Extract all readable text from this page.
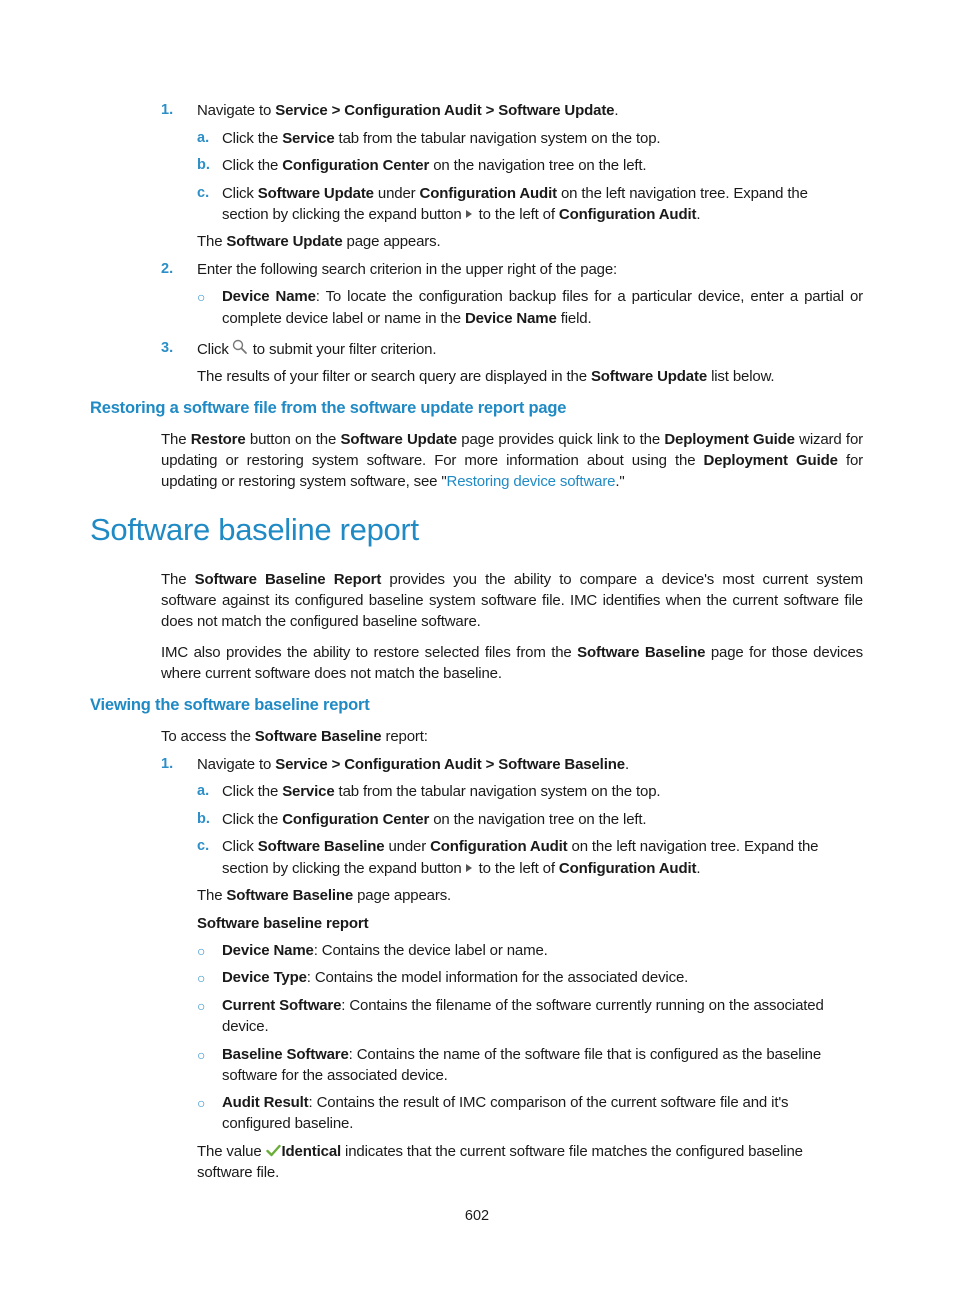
1. Navigate to Service > Configuration Audit > Software Update.
a. Click the Service tab from the tabular navigation system on the top.
b. Click the Configuration Center on the navigation tree on the left.
c. Click Software Update under Configuration Audit on the left navigation tree. Expand the
section by clicking the expand button to the left of Configuration Audit.
The Software Update page appears.
2. Enter the following search criterion in the upper right of the page:
○ Device Name: To locate the configuration backup files for a particular device, enter a partial or
complete device label or name in the Device Name field.
3. Click to submit your filter criterion.
The results of your filter or search query are displayed in the Software Update list below.
Restoring a software file from the software update report page
The Restore button on the Software Update page provides quick link to the Deployment Guide wizard for
updating or restoring system software. For more information about using the Deployment Guide for
updating or restoring system software, see "Restoring device software."
Software baseline report
The Software Baseline Report provides you the ability to compare a device's most current system
software against its configured baseline system software file. IMC identifies when the current software file
does not match the configured baseline software.
IMC also provides the ability to restore selected files from the Software Baseline page for those devices
where current software does not match the baseline.
Viewing the software baseline report
To access the Software Baseline report:
1. Navigate to Service > Configuration Audit > Software Baseline.
a. Click the Service tab from the tabular navigation system on the top.
b. Click the Configuration Center on the navigation tree on the left.
c. Click Software Baseline under Configuration Audit on the left navigation tree. Expand the
section by clicking the expand button to the left of Configuration Audit.
The Software Baseline page appears.
Software baseline report
○ Device Name: Contains the device label or name.
○ Device Type: Contains the model information for the associated device.
○ Current Software: Contains the filename of the software currently running on the associated
device.
○ Baseline Software: Contains the name of the software file that is configured as the baseline
software for the associated device.
○ Audit Result: Contains the result of IMC comparison of the current software file and it's
configured baseline.
The value Identical indicates that the current software file matches the configured baseline
software file.
602
